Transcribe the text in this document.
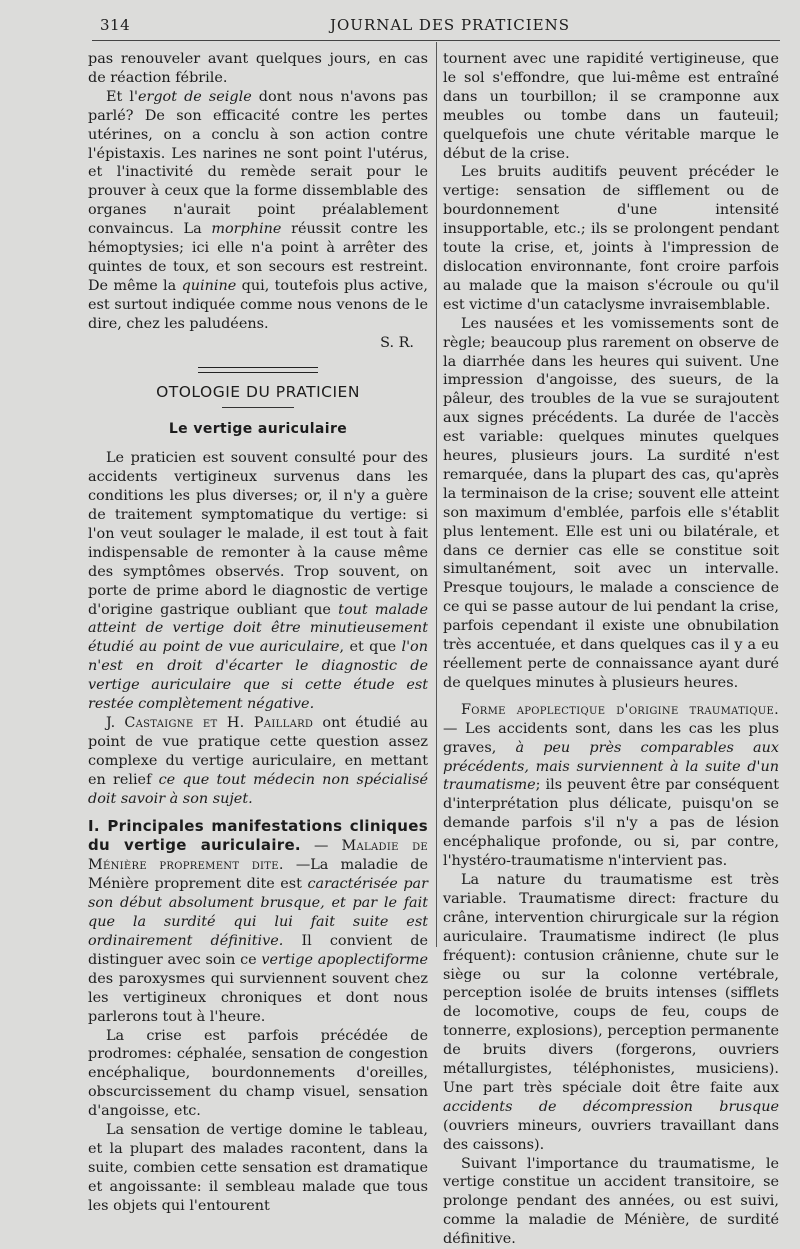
314	JOURNAL DES PRATICIENS

pas renouveler avant quelques jours, en cas de réaction fébrile.

Et l'ergot de seigle dont nous n'avons pas parlé? De son efficacité contre les pertes utérines, on a conclu à son action contre l'épistaxis. Les narines ne sont point l'utérus, et l'inactivité du remède serait pour le prouver à ceux que la forme dissemblable des organes n'aurait point préalablement convaincus. La morphine réussit contre les hémoptysies; ici elle n'a point à arrêter des quintes de toux, et son secours est restreint. De même la quinine qui, toutefois plus active, est surtout indiquée comme nous venons de le dire, chez les paludéens.

S. R.

OTOLOGIE DU PRATICIEN
Le vertige auriculaire

Le praticien est souvent consulté pour des accidents vertigineux survenus dans les conditions les plus diverses; or, il n'y a guère de traitement symptomatique du vertige: si l'on veut soulager le malade, il est tout à fait indispensable de remonter à la cause même des symptômes observés. Trop souvent, on porte de prime abord le diagnostic de vertige d'origine gastrique oubliant que tout malade atteint de vertige doit être minutieusement étudié au point de vue auriculaire, et que l'on n'est en droit d'écarter le diagnostic de vertige auriculaire que si cette étude est restée complètement négative.

J. Castaigne et H. Paillard ont étudié au point de vue pratique cette question assez complexe du vertige auriculaire, en mettant en relief ce que tout médecin non spécialisé doit savoir à son sujet.

I. Principales manifestations cliniques du vertige auriculaire. — Maladie de Ménière proprement dite. —La maladie de Ménière proprement dite est caractérisée par son début absolument brusque, et par le fait que la surdité qui lui fait suite est ordinairement définitive. Il convient de distinguer avec soin ce vertige apoplectiforme des paroxysmes qui surviennent souvent chez les vertigineux chroniques et dont nous parlerons tout à l'heure.

La crise est parfois précédée de prodromes: céphalée, sensation de congestion encéphalique, bourdonnements d'oreilles, obscurcissement du champ visuel, sensation d'angoisse, etc.

La sensation de vertige domine le tableau, et la plupart des malades racontent, dans la suite, combien cette sensation est dramatique et angoissante: il sembleau malade que tous les objets qui l'entourent

tournent avec une rapidité vertigineuse, que le sol s'effondre, que lui-même est entraîné dans un tourbillon; il se cramponne aux meubles ou tombe dans un fauteuil; quelquefois une chute véritable marque le début de la crise.

Les bruits auditifs peuvent précéder le vertige: sensation de sifflement ou de bourdonnement d'une intensité insupportable, etc.; ils se prolongent pendant toute la crise, et, joints à l'impression de dislocation environnante, font croire parfois au malade que la maison s'écroule ou qu'il est victime d'un cataclysme invraisemblable.

Les nausées et les vomissements sont de règle; beaucoup plus rarement on observe de la diarrhée dans les heures qui suivent. Une impression d'angoisse, des sueurs, de la pâleur, des troubles de la vue se surajoutent aux signes précédents. La durée de l'accès est variable: quelques minutes quelques heures, plusieurs jours. La surdité n'est remarquée, dans la plupart des cas, qu'après la terminaison de la crise; souvent elle atteint son maximum d'emblée, parfois elle s'établit plus lentement. Elle est uni ou bilatérale, et dans ce dernier cas elle se constitue soit simultanément, soit avec un intervalle. Presque toujours, le malade a conscience de ce qui se passe autour de lui pendant la crise, parfois cependant il existe une obnubilation très accentuée, et dans quelques cas il y a eu réellement perte de connaissance ayant duré de quelques minutes à plusieurs heures.

Forme apoplectique d'origine traumatique. — Les accidents sont, dans les cas les plus graves, à peu près comparables aux précédents, mais surviennent à la suite d'un traumatisme; ils peuvent être par conséquent d'interprétation plus délicate, puisqu'on se demande parfois s'il n'y a pas de lésion encéphalique profonde, ou si, par contre, l'hystéro-traumatisme n'intervient pas.

La nature du traumatisme est très variable. Traumatisme direct: fracture du crâne, intervention chirurgicale sur la région auriculaire. Traumatisme indirect (le plus fréquent): contusion crânienne, chute sur le siège ou sur la colonne vertébrale, perception isolée de bruits intenses (sifflets de locomotive, coups de feu, coups de tonnerre, explosions), perception permanente de bruits divers (forgerons, ouvriers métallurgistes, téléphonistes, musiciens). Une part très spéciale doit être faite aux accidents de décompression brusque (ouvriers mineurs, ouvriers travaillant dans des caissons).

Suivant l'importance du traumatisme, le vertige constitue un accident transitoire, se prolonge pendant des années, ou est suivi, comme la maladie de Ménière, de surdité définitive.
